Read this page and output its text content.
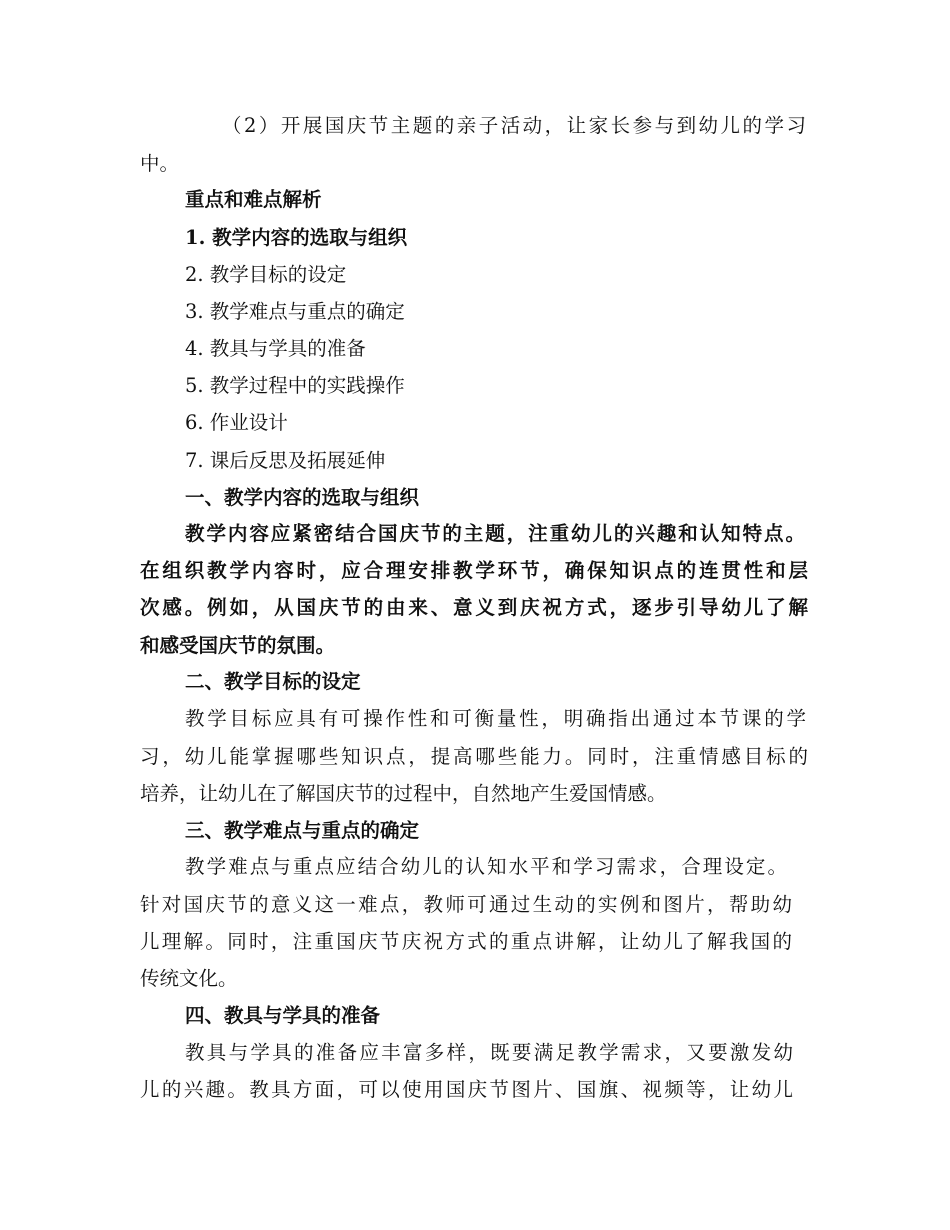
（2）开展国庆节主题的亲子活动，让家长参与到幼儿的学习
中。
重点和难点解析
1. 教学内容的选取与组织
2. 教学目标的设定
3. 教学难点与重点的确定
4. 教具与学具的准备
5. 教学过程中的实践操作
6. 作业设计
7. 课后反思及拓展延伸
一、教学内容的选取与组织
教学内容应紧密结合国庆节的主题，注重幼儿的兴趣和认知特点。
在组织教学内容时，应合理安排教学环节，确保知识点的连贯性和层
次感。例如，从国庆节的由来、意义到庆祝方式，逐步引导幼儿了解
和感受国庆节的氛围。
二、教学目标的设定
教学目标应具有可操作性和可衡量性，明确指出通过本节课的学
习，幼儿能掌握哪些知识点，提高哪些能力。同时，注重情感目标的
培养，让幼儿在了解国庆节的过程中，自然地产生爱国情感。
三、教学难点与重点的确定
教学难点与重点应结合幼儿的认知水平和学习需求，合理设定。
针对国庆节的意义这一难点，教师可通过生动的实例和图片，帮助幼
儿理解。同时，注重国庆节庆祝方式的重点讲解，让幼儿了解我国的
传统文化。
四、教具与学具的准备
教具与学具的准备应丰富多样，既要满足教学需求，又要激发幼
儿的兴趣。教具方面，可以使用国庆节图片、国旗、视频等，让幼儿
